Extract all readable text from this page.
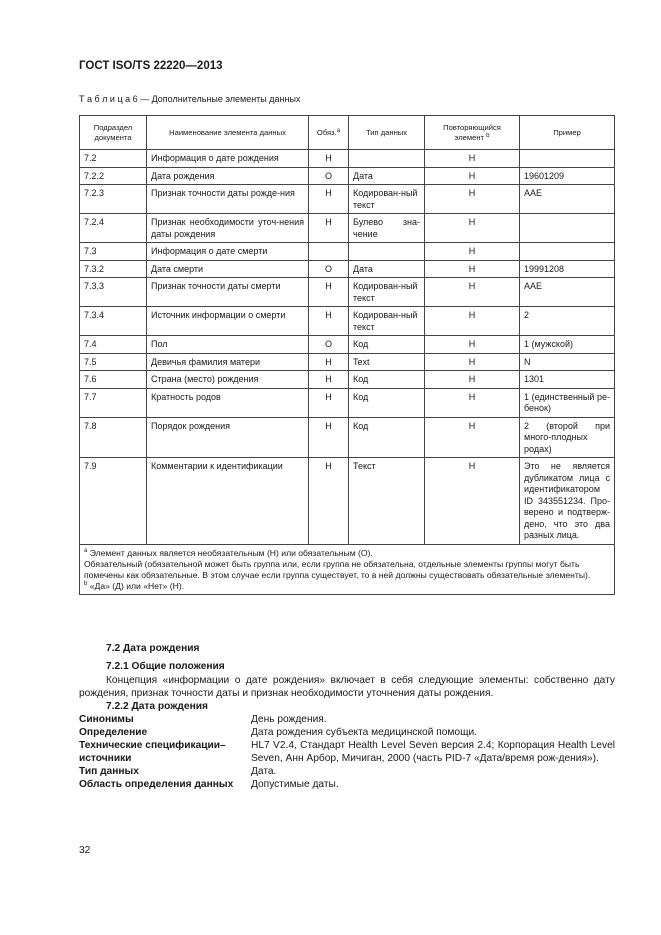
ГОСТ ISO/TS 22220—2013
Т а б л и ц а 6 — Дополнительные элементы данных
Подраздел документа	Наименование элемента данных	Обяз.$^a$	Тип данных	Повторяющийся элемент $^b$	Пример
7.2	Информация о дате рождения	Н		Н	
7.2.2	Дата рождения	О	Дата	Н	19601209
7.2.3	Признак точности даты рожде-ния	Н	Кодирован-ный текст	Н	ААЕ
7.2.4	Признак необходимости уточ-нения даты рождения	Н	Булево зна-чение	Н	
7.3	Информация о дате смерти			Н	
7.3.2	Дата смерти	О	Дата	Н	19991208
7.3.3	Признак точности даты смерти	Н	Кодирован-ный текст	Н	ААЕ
7.3.4	Источник информации о смерти	Н	Кодирован-ный текст	Н	2
7.4	Пол	О	Код	Н	1 (мужской)
7.5	Девичья фамилия матери	Н	Text	Н	N
7.6	Страна (место) рождения	Н	Код	Н	1301
7.7	Кратность родов	Н	Код	Н	1 (единственный ре-бенок)
7.8	Порядок рождения	Н	Код	Н	2 (второй при много-плодных родах)
7.9	Комментарии к идентификации	Н	Текст	Н	Это не является дубликатом лица с идентификатором ID 343551234. Про-верено и подтверж-дено, что это два разных лица.

$^a$ Элемент данных является необязательным (Н) или обязательным (О).
Обязательный (обязательной может быть группа или, если группа не обязательна, отдельные элементы группы могут быть помечены как обязательные. В этом случае если группа существует, то в ней должны существовать обязательные элементы).
$^b$ «Да» (Д) или «Нет» (Н).					
7.2 Дата рождения
7.2.1 Общие положения
Концепция «информации о дате рождения» включает в себя следующие элементы: собственно дату рождения, признак точности даты и признак необходимости уточнения даты рождения.
7.2.2 Дата рождения
Синонимы	День рождения.
Определение	Дата рождения субъекта медицинской помощи.
Технические спецификации–источники	HL7 V2.4, Стандарт Health Level Seven версия 2.4; Корпорация Health Level Seven, Анн Арбор, Мичиган, 2000 (часть PID-7 «Дата/время рож-дения»).
Тип данных	Дата.
Область определения данных	Допустимые даты.
32
